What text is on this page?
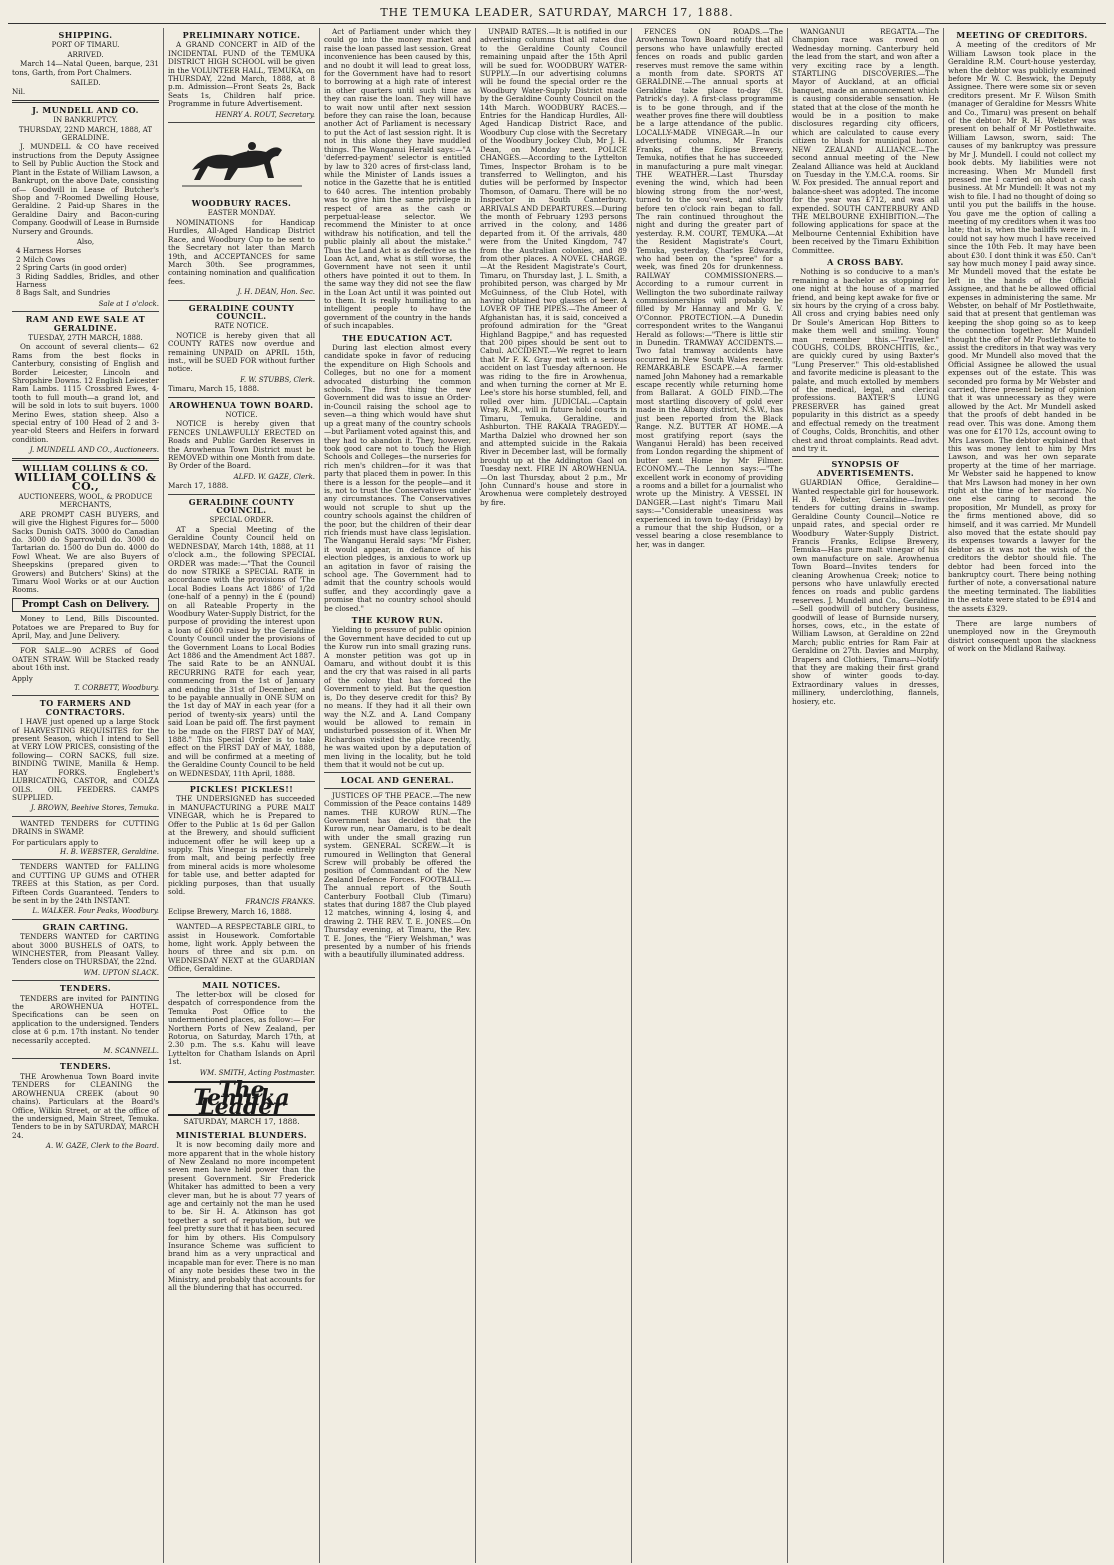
THE TEMUKA LEADER, SATURDAY, MARCH 17, 1888.
SHIPPING.
PORT OF TIMARU.
ARRIVED.

March 14—Natal Queen, barque, 231 tons, Garth, from Port Chalmers.

SAILED.
Nil.
J. MUNDELL AND CO.
IN BANKRUPTCY.
THURSDAY, 22ND MARCH, 1888, AT GERALDINE.

J. MUNDELL & CO have received instructions from the Deputy Assignee to Sell by Public Auction the Stock and Plant in the Estate of William Lawson, a Bankrupt, on the above Date, consisting of— Goodwill in Lease of Butcher's Shop and 7-Roomed Dwelling House, Geraldine. 2 Paid-up Shares in the Geraldine Dairy and Bacon-curing Company. Goodwill of Lease in Burnside Nursery and Grounds.

Also,
4 Harness Horses
2 Milch Cows
2 Spring Carts (in good order)
3 Riding Saddles, Bridles, and other Harness
8 Bags Salt, and Sundries
Sale at 1 o'clock.
RAM AND EWE SALE AT GERALDINE.
TUESDAY, 27TH MARCH, 1888.

On account of several clients— 62 Rams from the best flocks in Canterbury, consisting of English and Border Leicester, Lincoln and Shropshire Downs. 12 English Leicester Ram Lambs. 1115 Crossbred Ewes, 4-tooth to full mouth—a grand lot, and will be sold in lots to suit buyers. 1000 Merino Ewes, station sheep. Also a special entry of 100 Head of 2 and 3-year-old Steers and Heifers in forward condition.

J. MUNDELL AND CO., Auctioneers.
WILLIAM COLLINS & CO.
WILLIAM COLLINS & CO.,
AUCTIONEERS, WOOL, & PRODUCE MERCHANTS,

ARE PROMPT CASH BUYERS, and will give the Highest Figures for— 5000 Sacks Dunish OATS. 3000 do Canadian do. 3000 do Sparrowbill do. 3000 do Tartarian do. 1500 do Dun do. 4000 do Fowl Wheat. We are also Buyers of Sheepskins (prepared given to Growers) and Butchers' Skins) at the Timaru Wool Works or at our Auction Rooms.

Prompt Cash on Delivery.

Money to Lend, Bills Discounted. Potatoes we are Prepared to Buy for April, May, and June Delivery.

FOR SALE—90 ACRES of Good OATEN STRAW. Will be Stacked ready about 16th inst.

Apply
T. CORBETT, Woodbury.
TO FARMERS AND CONTRACTORS.

I HAVE just opened up a large Stock of HARVESTING REQUISITES for the present Season, which I intend to Sell at VERY LOW PRICES, consisting of the following— CORN SACKS, full size. BINDING TWINE, Manilla & Hemp. HAY FORKS. Englebert's LUBRICATING, CASTOR, and COLZA OILS. OIL FEEDERS. CAMPS SUPPLIED.

J. BROWN, Beehive Stores, Temuka.

WANTED TENDERS for CUTTING DRAINS in SWAMP.

For particulars apply to
H. B. WEBSTER, Geraldine.

TENDERS WANTED for FALLING and CUTTING UP GUMS and OTHER TREES at this Station, as per Cord. Fifteen Cords Guaranteed. Tenders to be sent in by the 24th INSTANT.

L. WALKER. Four Peaks, Woodbury.
GRAIN CARTING.

TENDERS WANTED for CARTING about 3000 BUSHELS of OATS, to WINCHESTER, from Pleasant Valley. Tenders close on THURSDAY, the 22nd.

WM. UPTON SLACK.
TENDERS.

TENDERS are invited for PAINTING the AROWHENUA HOTEL. Specifications can be seen on application to the undersigned. Tenders close at 6 p.m. 17th instant. No tender necessarily accepted.

M. SCANNELL.
TENDERS.

THE Arowhenua Town Board invite TENDERS for CLEANING the AROWHENUA CREEK (about 90 chains). Particulars at the Board's Office, Wilkin Street, or at the office of the undersigned, Main Street, Temuka. Tenders to be in by SATURDAY, MARCH 24.

A. W. GAZE, Clerk to the Board.
PRELIMINARY NOTICE.

A GRAND CONCERT in AID of the INCIDENTAL FUND of the TEMUKA DISTRICT HIGH SCHOOL will be given in the VOLUNTEER HALL, TEMUKA, on THURSDAY, 22nd March, 1888, at 8 p.m. Admission—Front Seats 2s, Back Seats 1s, Children half price. Programme in future Advertisement.

HENRY A. ROUT, Secretary.
WOODBURY RACES.
EASTER MONDAY.

NOMINATIONS for Handicap Hurdles, All-Aged Handicap District Race, and Woodbury Cup to be sent to the Secretary not later than March 19th, and ACCEPTANCES for same March 30th. See programmes, containing nomination and qualification fees.

J. H. DEAN, Hon. Sec.
GERALDINE COUNTY COUNCIL.
RATE NOTICE.

NOTICE is hereby given that all COUNTY RATES now overdue and remaining UNPAID on APRIL 15th, inst., will be SUED FOR without further notice.

F. W. STUBBS, Clerk.
Timaru, March 15, 1888.
AROWHENUA TOWN BOARD.
NOTICE.

NOTICE is hereby given that FENCES UNLAWFULLY ERECTED on Roads and Public Garden Reserves in the Arowhenua Town District must be REMOVED within one Month from date. By Order of the Board.

ALFD. W. GAZE, Clerk.
March 17, 1888.
GERALDINE COUNTY COUNCIL.
SPECIAL ORDER.

AT a Special Meeting of the Geraldine County Council held on WEDNESDAY, March 14th, 1888, at 11 o'clock a.m., the following SPECIAL ORDER was made:—"That the Council do now STRIKE a SPECIAL RATE in accordance with the provisions of 'The Local Bodies Loans Act 1886' of 1/2d (one-half of a penny) in the £ (pound) on all Rateable Property in the Woodbury Water-Supply District, for the purpose of providing the interest upon a loan of £600 raised by the Geraldine County Council under the provisions of the Government Loans to Local Bodies Act 1886 and the Amendment Act 1887. The said Rate to be an ANNUAL RECURRING RATE for each year, commencing from the 1st of January and ending the 31st of December, and to be payable annually in ONE SUM on the 1st day of MAY in each year (for a period of twenty-six years) until the said Loan be paid off. The first payment to be made on the FIRST DAY of MAY, 1888." This Special Order is to take effect on the FIRST DAY of MAY, 1888, and will be confirmed at a meeting of the Geraldine County Council to be held on WEDNESDAY, 11th April, 1888.

PICKLES! PICKLES!!

THE UNDERSIGNED has succeeded in MANUFACTURING a PURE MALT VINEGAR, which he is Prepared to Offer to the Public at 1s 6d per Gallon at the Brewery, and should sufficient inducement offer he will keep up a supply. This Vinegar is made entirely from malt, and being perfectly free from mineral acids is more wholesome for table use, and better adapted for pickling purposes, than that usually sold.

FRANCIS FRANKS.
Eclipse Brewery, March 16, 1888.

WANTED—A RESPECTABLE GIRL, to assist in Housework. Comfortable home, light work. Apply between the hours of three and six p.m. on WEDNESDAY NEXT at the GUARDIAN Office, Geraldine.

MAIL NOTICES.

The letter-box will be closed for despatch of correspondence from the Temuka Post Office to the undermentioned places, as follow:— For Northern Ports of New Zealand, per Rotorua, on Saturday, March 17th, at 2.30 p.m. The s.s. Kahu will leave Lyttelton for Chatham Islands on April 1st.

WM. SMITH, Acting Postmaster.
The Temuka Leader
SATURDAY, MARCH 17, 1888.
MINISTERIAL BLUNDERS.

It is now becoming daily more and more apparent that in the whole history of New Zealand no more incompetent seven men have held power than the present Government. Sir Frederick Whitaker has admitted to been a very clever man, but he is about 77 years of age and certainly not the man he used to be. Sir H. A. Atkinson has got together a sort of reputation, but we feel pretty sure that it has been secured for him by others. His Compulsory Insurance Scheme was sufficient to brand him as a very unpractical and incapable man for ever. There is no man of any note besides these two in the Ministry, and probably that accounts for all the blundering that has occurred.

Act of Parliament under which they could go into the money market and raise the loan passed last session. Great inconvenience has been caused by this, and no doubt it will lead to great loss, for the Government have had to resort to borrowing at a high rate of interest in other quarters until such time as they can raise the loan. They will have to wait now until after next session before they can raise the loan, because another Act of Parliament is necessary to put the Act of last session right. It is not in this alone they have muddled things. The Wanganui Herald says:—"A 'deferred-payment' selector is entitled by law to 320 acres of first-class land, while the Minister of Lands issues a notice in the Gazette that he is entitled to 640 acres. The intention probably was to give him the same privilege in respect of area as the cash or perpetual-lease selector. We recommend the Minister to at once withdraw his notification, and tell the public plainly all about the mistake." Thus the Land Act is as defective as the Loan Act, and, what is still worse, the Government have not seen it until others have pointed it out to them. In the same way they did not see the flaw in the Loan Act until it was pointed out to them. It is really humiliating to an intelligent people to have the government of the country in the hands of such incapables.

THE EDUCATION ACT.

During last election almost every candidate spoke in favor of reducing the expenditure on High Schools and Colleges, but no one for a moment advocated disturbing the common schools. The first thing the new Government did was to issue an Order-in-Council raising the school age to seven—a thing which would have shut up a great many of the country schools—but Parliament voted against this, and they had to abandon it. They, however, took good care not to touch the High Schools and Colleges—the nurseries for rich men's children—for it was that party that placed them in power. In this there is a lesson for the people—and it is, not to trust the Conservatives under any circumstances. The Conservatives would not scruple to shut up the country schools against the children of the poor, but the children of their dear rich friends must have class legislation. The Wanganui Herald says: "Mr Fisher, it would appear, in defiance of his election pledges, is anxious to work up an agitation in favor of raising the school age. The Government had to admit that the country schools would suffer, and they accordingly gave a promise that no country school should be closed."

THE KUROW RUN.

Yielding to pressure of public opinion the Government have decided to cut up the Kurow run into small grazing runs. A monster petition was got up in Oamaru, and without doubt it is this and the cry that was raised in all parts of the colony that has forced the Government to yield. But the question is, Do they deserve credit for this? By no means. If they had it all their own way the N.Z. and A. Land Company would be allowed to remain in undisturbed possession of it. When Mr Richardson visited the place recently, he was waited upon by a deputation of men living in the locality, but he told them that it would not be cut up.

LOCAL AND GENERAL.

JUSTICES OF THE PEACE.—The new Commission of the Peace contains 1489 names. THE KUROW RUN.—The Government has decided that the Kurow run, near Oamaru, is to be dealt with under the small grazing run system. GENERAL SCREW.—It is rumoured in Wellington that General Screw will probably be offered the position of Commandant of the New Zealand Defence Forces. FOOTBALL.—The annual report of the South Canterbury Football Club (Timaru) states that during 1887 the Club played 12 matches, winning 4, losing 4, and drawing 2. THE REV. T. E. JONES.—On Thursday evening, at Timaru, the Rev. T. E. Jones, the "Fiery Welshman," was presented by a number of his friends with a beautifully illuminated address.

UNPAID RATES.—It is notified in our advertising columns that all rates due to the Geraldine County Council remaining unpaid after the 15th April will be sued for. WOODBURY WATER-SUPPLY.—In our advertising columns will be found the special order re the Woodbury Water-Supply District made by the Geraldine County Council on the 14th March. WOODBURY RACES.—Entries for the Handicap Hurdles, All-Aged Handicap District Race, and Woodbury Cup close with the Secretary of the Woodbury Jockey Club, Mr J. H. Dean, on Monday next. POLICE CHANGES.—According to the Lyttelton Times, Inspector Broham is to be transferred to Wellington, and his duties will be performed by Inspector Thomson, of Oamaru. There will be no Inspector in South Canterbury. ARRIVALS AND DEPARTURES.—During the month of February 1293 persons arrived in the colony, and 1486 departed from it. Of the arrivals, 480 were from the United Kingdom, 747 from the Australian colonies, and 89 from other places. A NOVEL CHARGE.—At the Resident Magistrate's Court, Timaru, on Thursday last, J. L. Smith, a prohibited person, was charged by Mr McGuinness, of the Club Hotel, with having obtained two glasses of beer. A LOVER OF THE PIPES.—The Ameer of Afghanistan has, it is said, conceived a profound admiration for the "Great Highland Bagpipe," and has requested that 200 pipes should be sent out to Cabul. ACCIDENT.—We regret to learn that Mr F. K. Gray met with a serious accident on last Tuesday afternoon. He was riding to the fire in Arowhenua, and when turning the corner at Mr E. Lee's store his horse stumbled, fell, and rolled over him. JUDICIAL.—Captain Wray, R.M., will in future hold courts in Timaru, Temuka, Geraldine, and Ashburton. THE RAKAIA TRAGEDY.—Martha Dalziel who drowned her son and attempted suicide in the Rakaia River in December last, will be formally brought up at the Addington Gaol on Tuesday next. FIRE IN AROWHENUA.—On last Thursday, about 2 p.m., Mr John Cunnard's house and store in Arowhenua were completely destroyed by fire.

FENCES ON ROADS.—The Arowhenua Town Board notify that all persons who have unlawfully erected fences on roads and public garden reserves must remove the same within a month from date. SPORTS AT GERALDINE.—The annual sports at Geraldine take place to-day (St. Patrick's day). A first-class programme is to be gone through, and if the weather proves fine there will doubtless be a large attendance of the public. LOCALLY-MADE VINEGAR.—In our advertising columns, Mr Francis Franks, of the Eclipse Brewery, Temuka, notifies that he has succeeded in manufacturing a pure malt vinegar. THE WEATHER.—Last Thursday evening the wind, which had been blowing strong from the nor'-west, turned to the sou'-west, and shortly before ten o'clock rain began to fall. The rain continued throughout the night and during the greater part of yesterday. R.M. COURT, TEMUKA.—At the Resident Magistrate's Court, Temuka, yesterday, Charles Edwards, who had been on the "spree" for a week, was fined 20s for drunkenness. RAILWAY COMMISSIONERS.—According to a rumour current in Wellington the two subordinate railway commissionerships will probably be filled by Mr Hannay and Mr G. V. O'Connor. PROTECTION.—A Dunedin correspondent writes to the Wanganui Herald as follows:—"There is little stir in Dunedin. TRAMWAY ACCIDENTS.—Two fatal tramway accidents have occurred in New South Wales recently. REMARKABLE ESCAPE.—A farmer named John Mahoney had a remarkable escape recently while returning home from Ballarat. A GOLD FIND.—The most startling discovery of gold ever made in the Albany district, N.S.W., has just been reported from the Black Range. N.Z. BUTTER AT HOME.—A most gratifying report (says the Wanganui Herald) has been received from London regarding the shipment of butter sent Home by Mr Filmer. ECONOMY.—The Lennon says:—"The excellent work in economy of providing a rooms and a billet for a journalist who wrote up the Ministry. A VESSEL IN DANGER.—Last night's Timaru Mail says:—"Considerable uneasiness was experienced in town to-day (Friday) by a rumour that the ship Hudson, or a vessel bearing a close resemblance to her, was in danger.

WANGANUI REGATTA.—The Champion race was rowed on Wednesday morning. Canterbury held the lead from the start, and won after a very exciting race by a length. STARTLING DISCOVERIES.—The Mayor of Auckland, at an official banquet, made an announcement which is causing considerable sensation. He stated that at the close of the month he would be in a position to make disclosures regarding city officers, which are calculated to cause every citizen to blush for municipal honor. NEW ZEALAND ALLIANCE.—The second annual meeting of the New Zealand Alliance was held at Auckland on Tuesday in the Y.M.C.A. rooms. Sir W. Fox presided. The annual report and balance-sheet was adopted. The income for the year was £712, and was all expended. SOUTH CANTERBURY AND THE MELBOURNE EXHIBITION.—The following applications for space at the Melbourne Centennial Exhibition have been received by the Timaru Exhibition Committee.

A CROSS BABY.

Nothing is so conducive to a man's remaining a bachelor as stopping for one night at the house of a married friend, and being kept awake for five or six hours by the crying of a cross baby. All cross and crying babies need only Dr Soule's American Hop Bitters to make them well and smiling. Young man remember this.—"Traveller." COUGHS, COLDS, BRONCHITIS, &c., are quickly cured by using Baxter's "Lung Preserver." This old-established and favorite medicine is pleasant to the palate, and much extolled by members of the medical, legal, and clerical professions. BAXTER'S LUNG PRESERVER has gained great popularity in this district as a speedy and effectual remedy on the treatment of Coughs, Colds, Bronchitis, and other chest and throat complaints. Read advt. and try it.

SYNOPSIS OF ADVERTISEMENTS.

GUARDIAN Office, Geraldine—Wanted respectable girl for housework. H. B. Webster, Geraldine—Invites tenders for cutting drains in swamp. Geraldine County Council—Notice re unpaid rates, and special order re Woodbury Water-Supply District. Francis Franks, Eclipse Brewery, Temuka—Has pure malt vinegar of his own manufacture on sale. Arowhenua Town Board—Invites tenders for cleaning Arowhenua Creek; notice to persons who have unlawfully erected fences on roads and public gardens reserves. J. Mundell and Co., Geraldine—Sell goodwill of butchery business, goodwill of lease of Burnside nursery, horses, cows, etc., in the estate of William Lawson, at Geraldine on 22nd March; public entries for Ram Fair at Geraldine on 27th. Davies and Murphy, Drapers and Clothiers, Timaru—Notify that they are making their first grand show of winter goods to-day. Extraordinary values in dresses, millinery, underclothing, flannels, hosiery, etc.

MEETING OF CREDITORS.

A meeting of the creditors of Mr William Lawson took place in the Geraldine R.M. Court-house yesterday, when the debtor was publicly examined before Mr W. C. Beswick, the Deputy Assignee. There were some six or seven creditors present. Mr F. Wilson Smith (manager of Geraldine for Messrs White and Co., Timaru) was present on behalf of the debtor. Mr R. H. Webster was present on behalf of Mr Postlethwaite. William Lawson, sworn, said: The causes of my bankruptcy was pressure by Mr J. Mundell. I could not collect my book debts. My liabilities were not increasing. When Mr Mundell first pressed me I carried on about a cash business. At Mr Mundell: It was not my wish to file. I had no thought of doing so until you put the bailiffs in the house. You gave me the option of calling a meeting of my creditors when it was too late; that is, when the bailiffs were in. I could not say how much I have received since the 10th Feb. It may have been about £30. I dont think it was £50. Can't say how much money I paid away since. Mr Mundell moved that the estate be left in the hands of the Official Assignee, and that he be allowed official expenses in administering the same. Mr Webster, on behalf of Mr Postlethwaite, said that at present that gentleman was keeping the shop going so as to keep the connection together. Mr Mundell thought the offer of Mr Postlethwaite to assist the creditors in that way was very good. Mr Mundell also moved that the Official Assignee be allowed the usual expenses out of the estate. This was seconded pro forma by Mr Webster and carried, three present being of opinion that it was unnecessary as they were allowed by the Act. Mr Mundell asked that the proofs of debt handed in be read over. This was done. Among them was one for £170 12s, account owing to Mrs Lawson. The debtor explained that this was money lent to him by Mrs Lawson, and was her own separate property at the time of her marriage. Mr Webster said he happened to know that Mrs Lawson had money in her own right at the time of her marriage. No one else caring to second the proposition, Mr Mundell, as proxy for the firms mentioned above, did so himself, and it was carried. Mr Mundell also moved that the estate should pay its expenses towards a lawyer for the debtor as it was not the wish of the creditors the debtor should file. The debtor had been forced into the bankruptcy court. There being nothing further of note, a conversational nature the meeting terminated. The liabilities in the estate were stated to be £914 and the assets £329.

There are large numbers of unemployed now in the Greymouth district consequent upon the slackness of work on the Midland Railway.
